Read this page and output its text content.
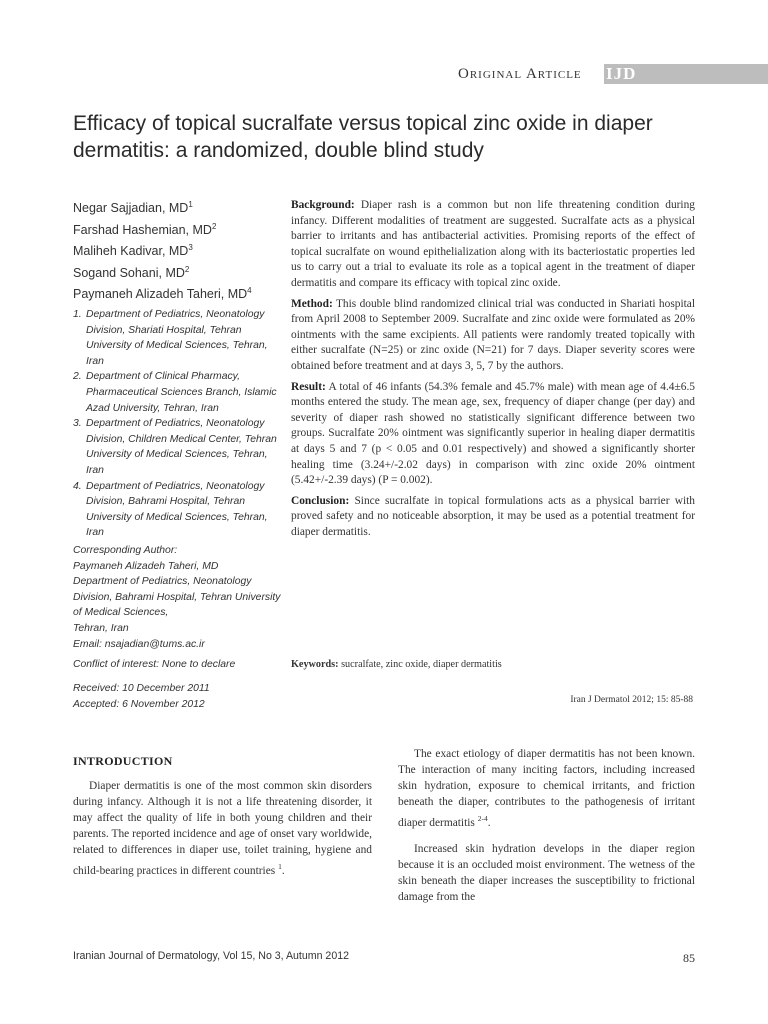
Original Article IJD
Efficacy of topical sucralfate versus topical zinc oxide in diaper dermatitis: a randomized, double blind study
Negar Sajjadian, $MD^1$
Farshad Hashemian, $MD^2$
Maliheh Kadivar, $MD^3$
Sogand Sohani, $MD^2$
Paymaneh Alizadeh Taheri, $MD^4$
1. Department of Pediatrics, Neonatology Division, Shariati Hospital, Tehran University of Medical Sciences, Tehran, Iran
2. Department of Clinical Pharmacy, Pharmaceutical Sciences Branch, Islamic Azad University, Tehran, Iran
3. Department of Pediatrics, Neonatology Division, Children Medical Center, Tehran University of Medical Sciences, Tehran, Iran
4. Department of Pediatrics, Neonatology Division, Bahrami Hospital, Tehran University of Medical Sciences, Tehran, Iran
Corresponding Author:
Paymaneh Alizadeh Taheri, MD
Department of Pediatrics, Neonatology Division, Bahrami Hospital, Tehran University of Medical Sciences,
Tehran, Iran
Email: nsajadian@tums.ac.ir
Conflict of interest: None to declare
Received: 10 December 2011
Accepted: 6 November 2012

Background: Diaper rash is a common but non life threatening condition during infancy. Different modalities of treatment are suggested. Sucralfate acts as a physical barrier to irritants and has antibacterial activities. Promising reports of the effect of topical sucralfate on wound epithelialization along with its bacteriostatic properties led us to carry out a trial to evaluate its role as a topical agent in the treatment of diaper dermatitis and compare its efficacy with topical zinc oxide.

Method: This double blind randomized clinical trial was conducted in Shariati hospital from April 2008 to September 2009. Sucralfate and zinc oxide were formulated as 20% ointments with the same excipients. All patients were randomly treated topically with either sucralfate (N=25) or zinc oxide (N=21) for 7 days. Diaper severity scores were obtained before treatment and at days 3, 5, 7 by the authors.

Result: A total of 46 infants (54.3% female and 45.7% male) with mean age of 4.4±6.5 months entered the study. The mean age, sex, frequency of diaper change (per day) and severity of diaper rash showed no statistically significant difference between two groups. Sucralfate 20% ointment was significantly superior in healing diaper dermatitis at days 5 and 7 (p < 0.05 and 0.01 respectively) and showed a significantly shorter healing time (3.24+/-2.02 days) in comparison with zinc oxide 20% ointment (5.42+/-2.39 days) (P = 0.002).

Conclusion: Since sucralfate in topical formulations acts as a physical barrier with proved safety and no noticeable absorption, it may be used as a potential treatment for diaper dermatitis.

Keywords: sucralfate, zinc oxide, diaper dermatitis
Iran J Dermatol 2012; 15: 85-88
INTRODUCTION

Diaper dermatitis is one of the most common skin disorders during infancy. Although it is not a life threatening disorder, it may affect the quality of life in both young children and their parents. The reported incidence and age of onset vary worldwide, related to differences in diaper use, toilet training, hygiene and child-bearing practices in different countries $^1$.

The exact etiology of diaper dermatitis has not been known. The interaction of many inciting factors, including increased skin hydration, exposure to chemical irritants, and friction beneath the diaper, contributes to the pathogenesis of irritant diaper dermatitis $^{2-4}$.

Increased skin hydration develops in the diaper region because it is an occluded moist environment. The wetness of the skin beneath the diaper increases the susceptibility to frictional damage from the

Iranian Journal of Dermatology, Vol 15, No 3, Autumn 2012	85
